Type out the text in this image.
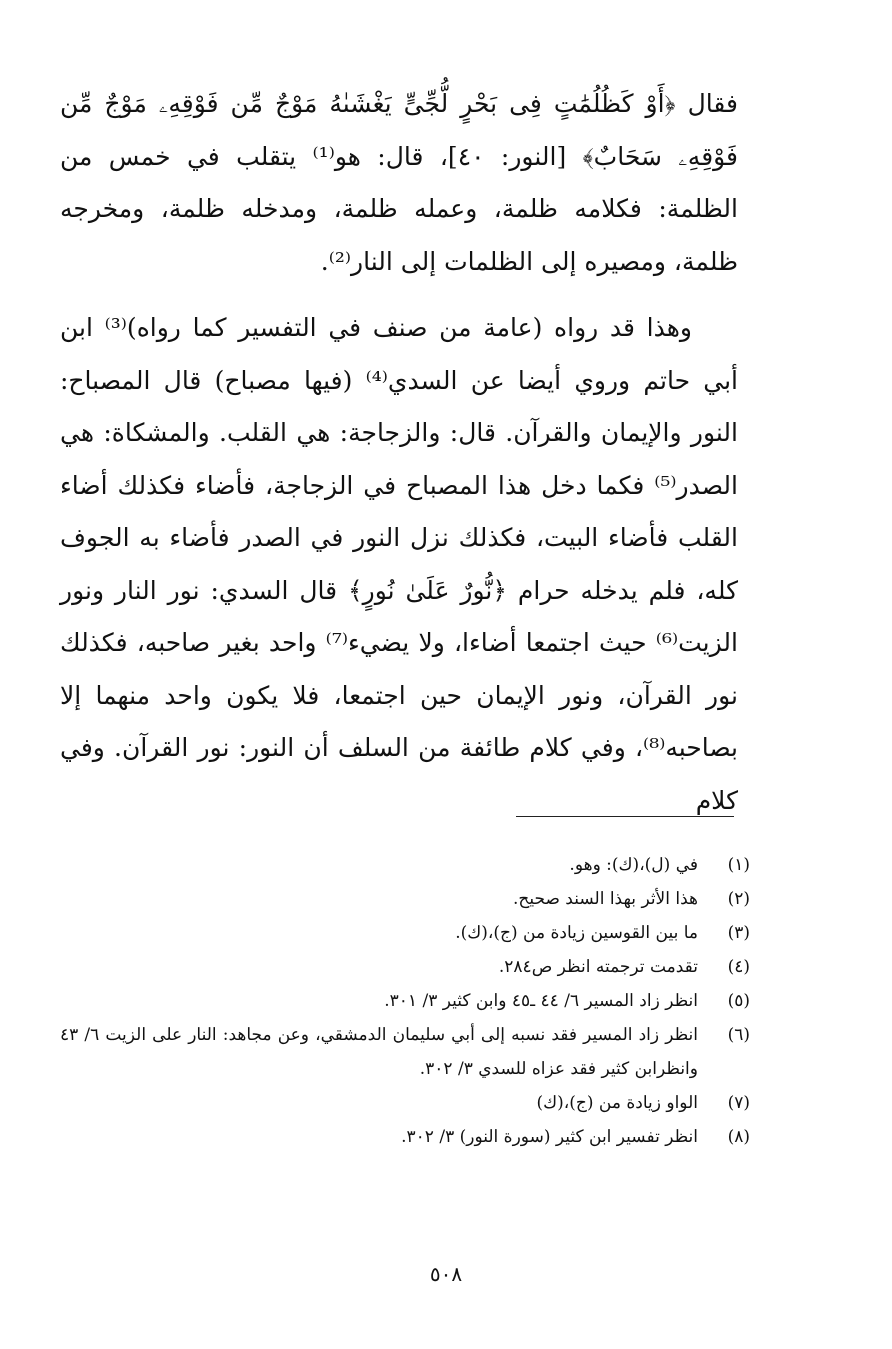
فقال ﴿أَوْ كَظُلُمَٰتٍ فِى بَحْرٍ لُّجِّىٍّ يَغْشَىٰهُ مَوْجٌ مِّن فَوْقِهِۦ مَوْجٌ مِّن فَوْقِهِۦ سَحَابٌ﴾ [النور: ٤٠]، قال: هو⁽¹⁾ يتقلب في خمس من الظلمة: فكلامه ظلمة، وعمله ظلمة، ومدخله ظلمة، ومخرجه ظلمة، ومصيره إلى الظلمات إلى النار⁽²⁾.

وهذا قد رواه (عامة من صنف في التفسير كما رواه)⁽³⁾ ابن أبي حاتم وروي أيضا عن السدي⁽⁴⁾ (فيها مصباح) قال المصباح: النور والإيمان والقرآن. قال: والزجاجة: هي القلب. والمشكاة: هي الصدر⁽⁵⁾ فكما دخل هذا المصباح في الزجاجة، فأضاء فكذلك أضاء القلب فأضاء البيت، فكذلك نزل النور في الصدر فأضاء به الجوف كله، فلم يدخله حرام ﴿نُّورٌ عَلَىٰ نُورٍ﴾ قال السدي: نور النار ونور الزيت⁽⁶⁾ حيث اجتمعا أضاءا، ولا يضيء⁽⁷⁾ واحد بغير صاحبه، فكذلك نور القرآن، ونور الإيمان حين اجتمعا، فلا يكون واحد منهما إلا بصاحبه⁽⁸⁾، وفي كلام طائفة من السلف أن النور: نور القرآن. وفي كلام

(١)
في (ل)،(ك): وهو.
(٢)
هذا الأثر بهذا السند صحيح.
(٣)
ما بين القوسين زيادة من (ج)،(ك).
(٤)
تقدمت ترجمته انظر ص٢٨٤.
(٥)
انظر زاد المسير ٦/ ٤٤ ـ٤٥ وابن كثير ٣/ ٣٠١.
(٦)
انظر زاد المسير فقد نسبه إلى أبي سليمان الدمشقي، وعن مجاهد: النار على الزيت ٦/ ٤٣ وانظرابن كثير فقد عزاه للسدي ٣/ ٣٠٢.
(٧)
الواو زيادة من (ج)،(ك)
(٨)
انظر تفسير ابن كثير (سورة النور) ٣/ ٣٠٢.
٥٠٨
